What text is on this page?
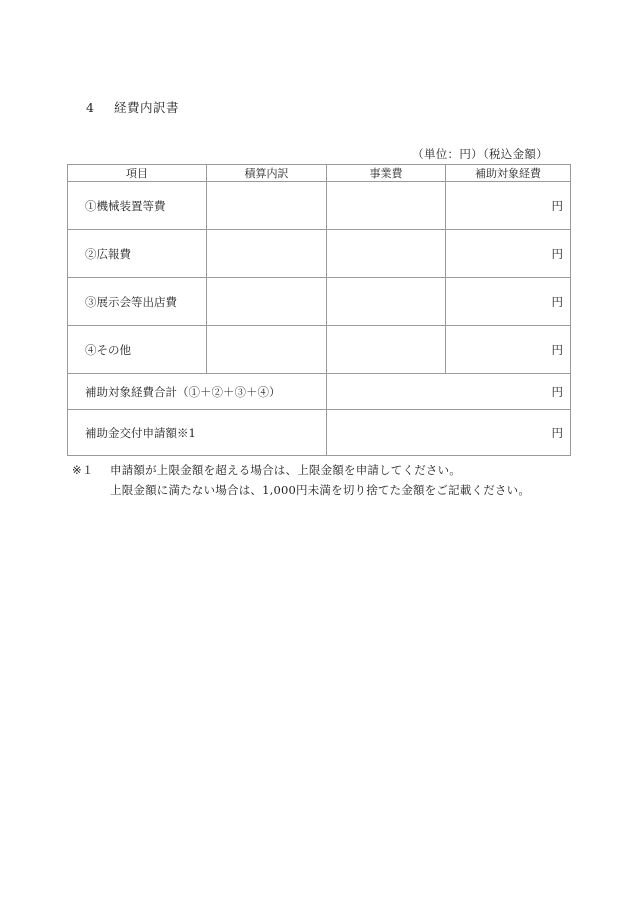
4 経費内訳書
（単位：円）（税込金額）
項目	積算内訳	事業費	補助対象経費
①機械装置等費			円
②広報費			円
③展示会等出店費			円
④その他			円
補助対象経費合計（①＋②＋③＋④）		円	
補助金交付申請額※1		円	
※１ 申請額が上限金額を超える場合は、上限金額を申請してください。
上限金額に満たない場合は、1,000円未満を切り捨てた金額をご記載ください。
